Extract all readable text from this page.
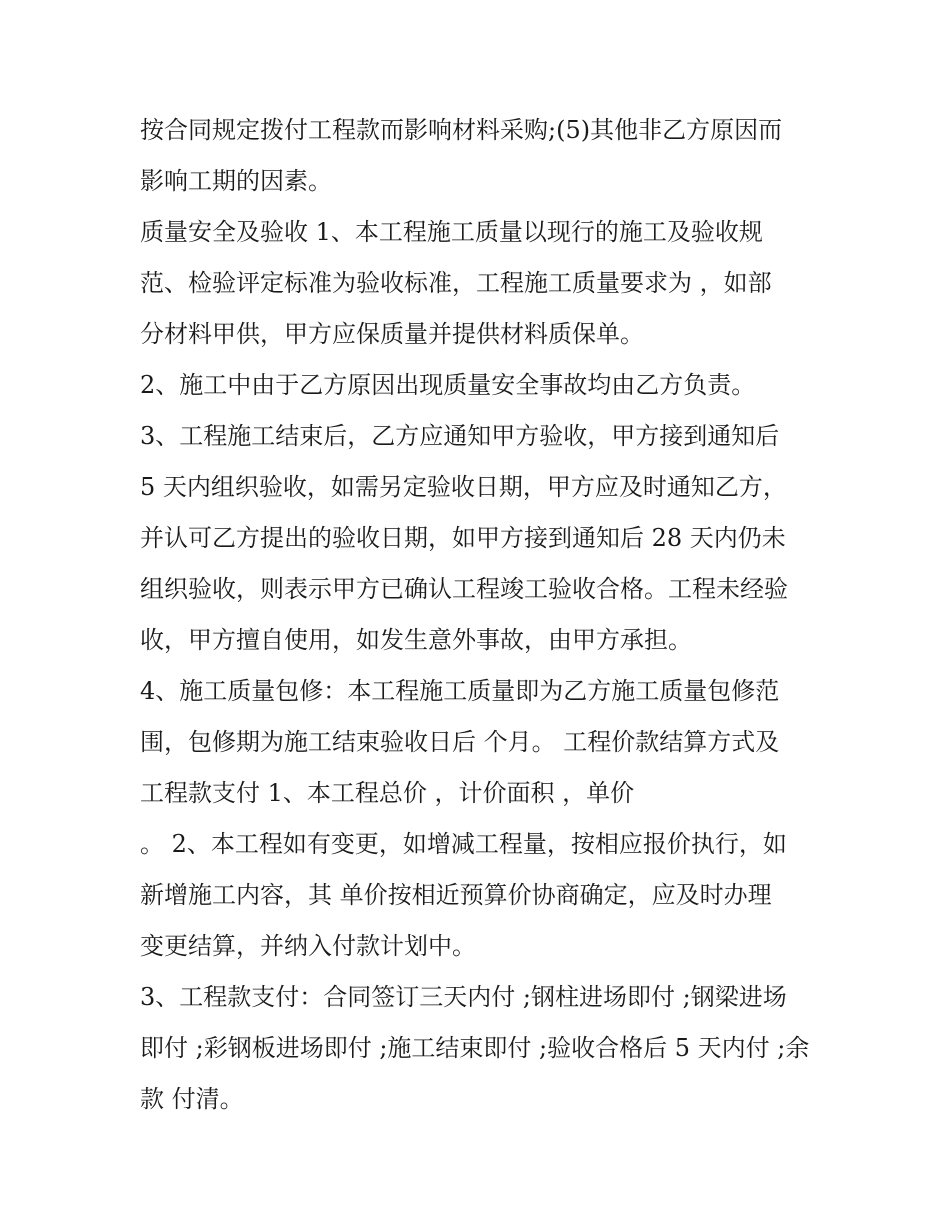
按合同规定拨付工程款而影响材料采购;(5)其他非乙方原因而
影响工期的因素。
质量安全及验收 1、本工程施工质量以现行的施工及验收规
范、检验评定标准为验收标准，工程施工质量要求为 ，如部
分材料甲供，甲方应保质量并提供材料质保单。
2、施工中由于乙方原因出现质量安全事故均由乙方负责。
3、工程施工结束后，乙方应通知甲方验收，甲方接到通知后
5 天内组织验收，如需另定验收日期，甲方应及时通知乙方，
并认可乙方提出的验收日期，如甲方接到通知后 28 天内仍未
组织验收，则表示甲方已确认工程竣工验收合格。工程未经验
收，甲方擅自使用，如发生意外事故，由甲方承担。
4、施工质量包修：本工程施工质量即为乙方施工质量包修范
围，包修期为施工结束验收日后 个月。 工程价款结算方式及
工程款支付 1、本工程总价 ，计价面积 ，单价
。 2、本工程如有变更，如增减工程量，按相应报价执行，如
新增施工内容，其 单价按相近预算价协商确定，应及时办理
变更结算，并纳入付款计划中。
3、工程款支付：合同签订三天内付 ;钢柱进场即付 ;钢梁进场
即付 ;彩钢板进场即付 ;施工结束即付 ;验收合格后 5 天内付 ;余
款 付清。
